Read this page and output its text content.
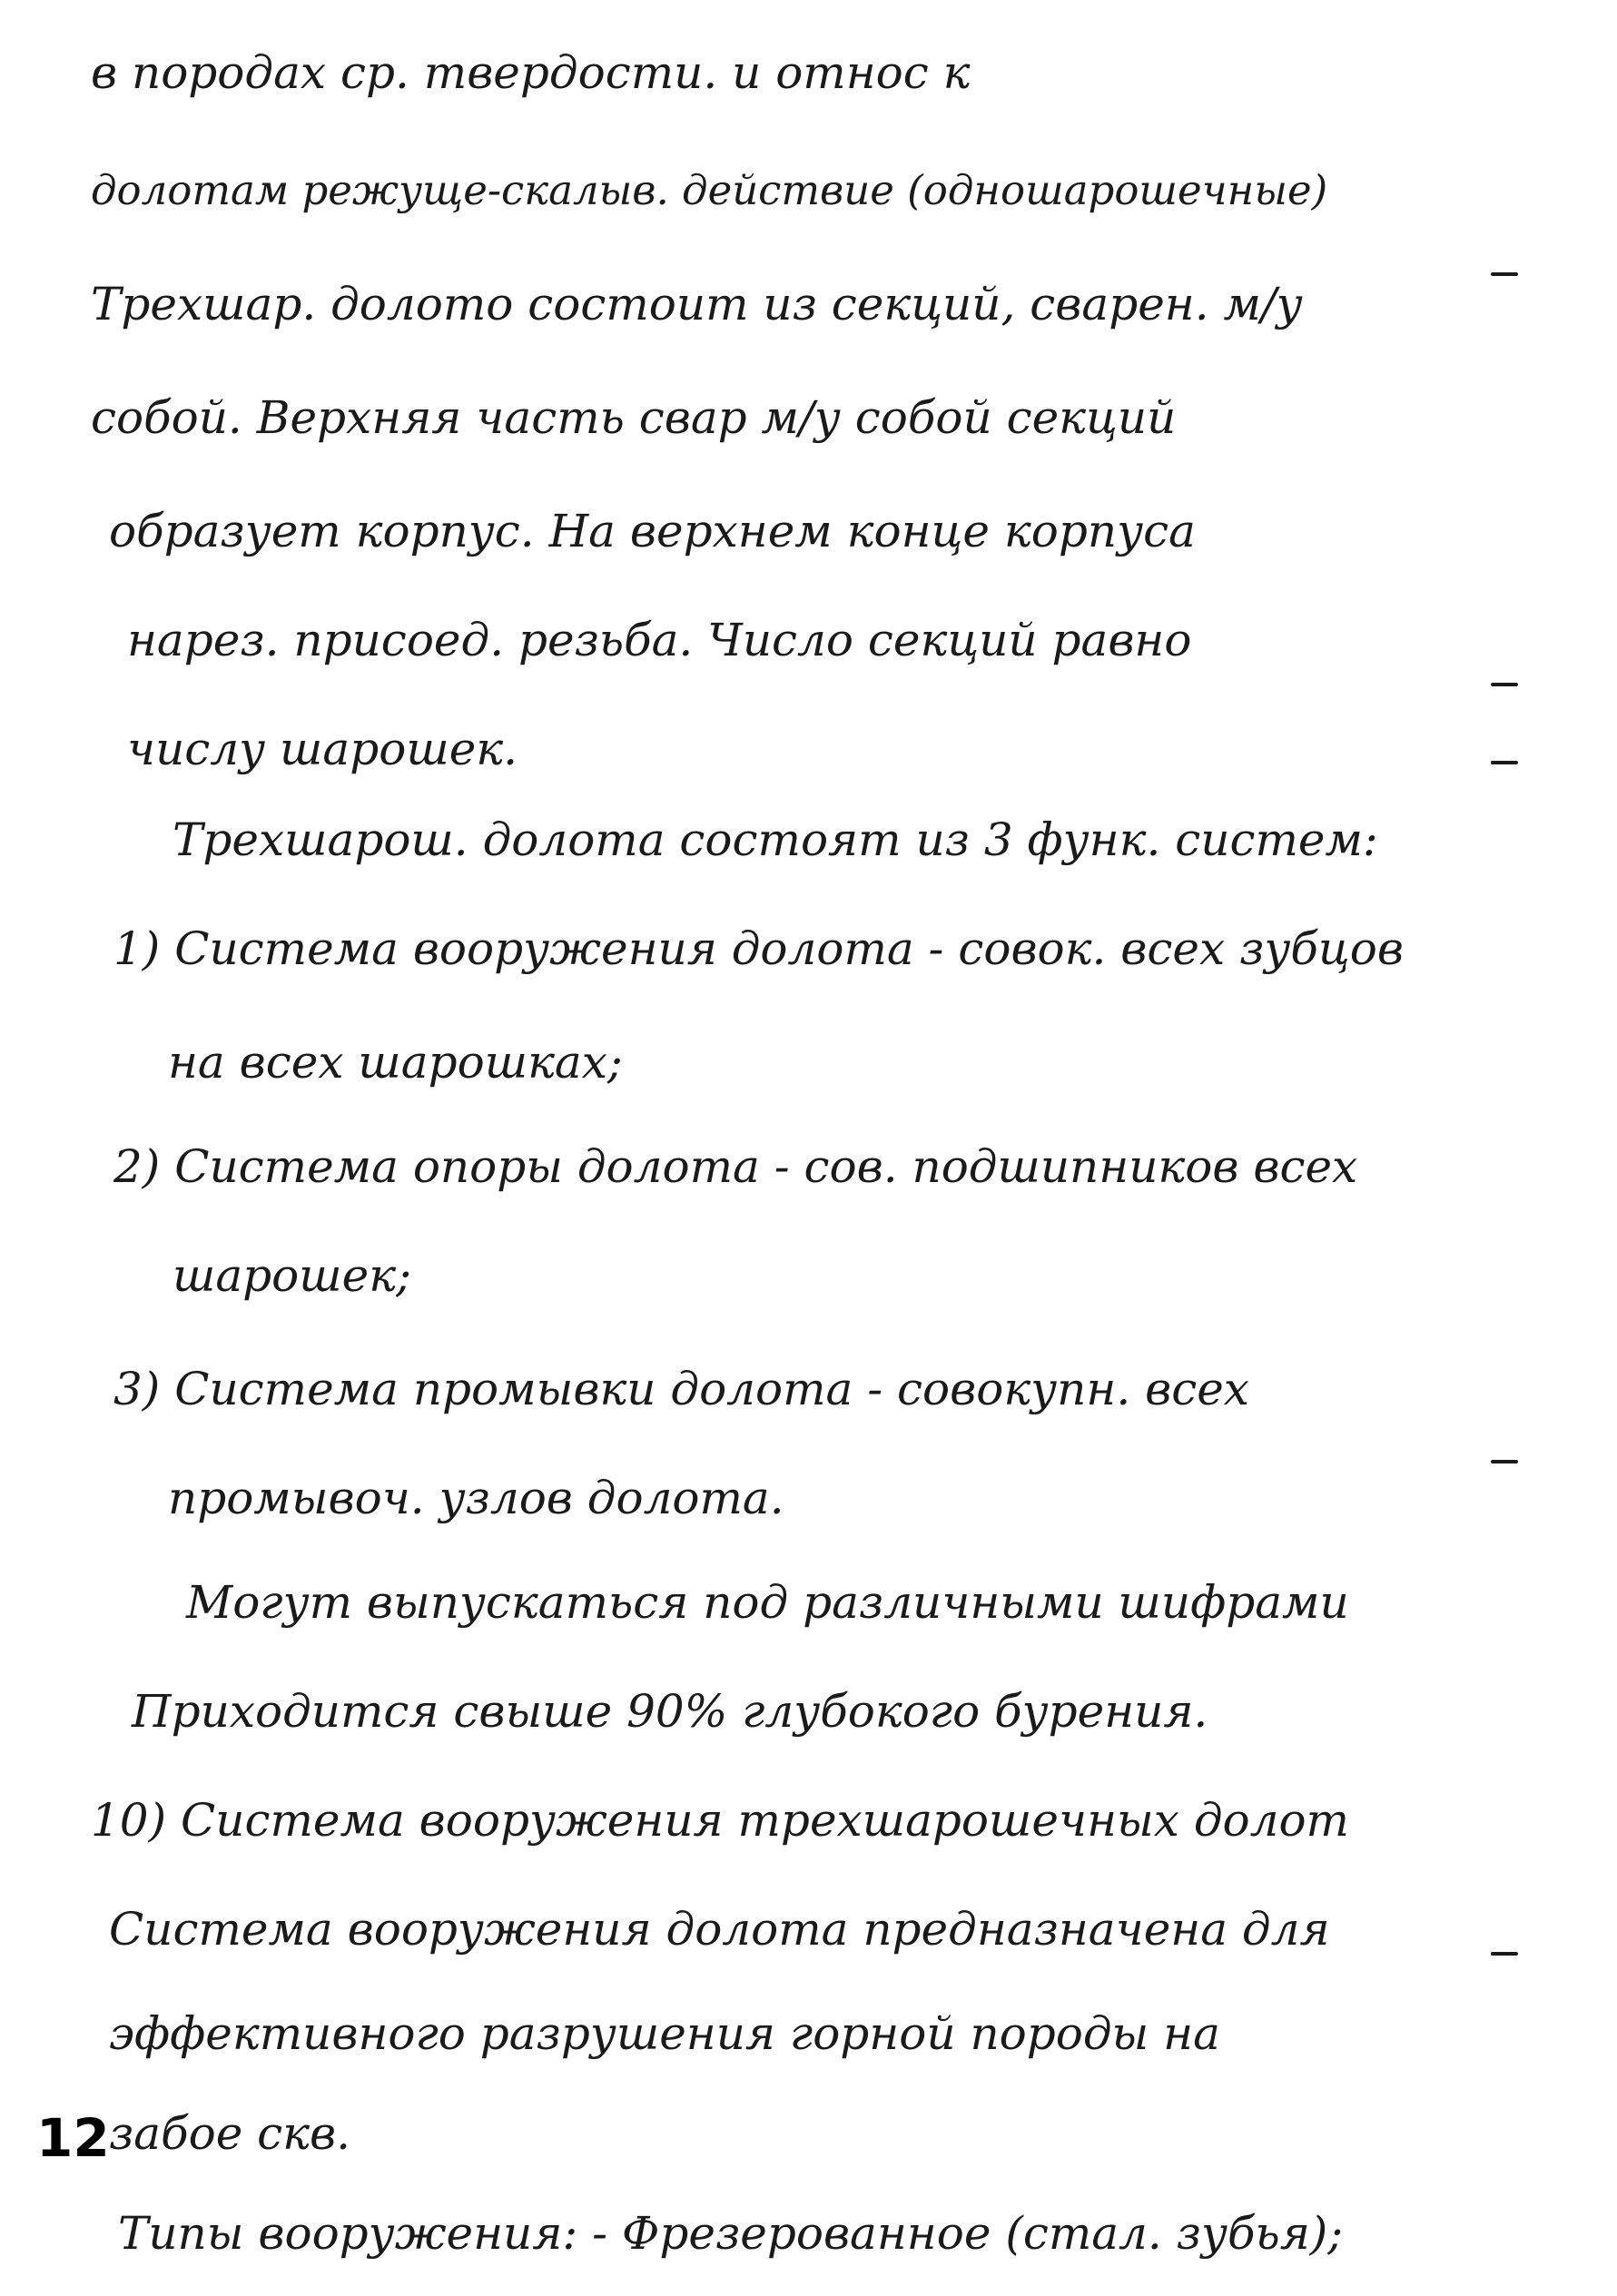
в породах ср. твердости. и относ к

долотам режуще-скалыв. действие (одношарошечные)

Трехшар. долото состоит из секций, сварен. м/у

собой. Верхняя часть свар м/у собой секций

образует корпус. На верхнем конце корпуса

нарез. присоед. резьба. Число секций равно

числу шарошек.

Трехшарош. долота состоят из 3 функ. систем:

1) Система вооружения долота - совок. всех зубцов

на всех шарошках;

2) Система опоры долота - сов. подшипников всех

шарошек;

3) Система промывки долота - совокупн. всех

промывоч. узлов долота.

Могут выпускаться под различными шифрами

Приходится свыше 90% глубокого бурения.

10) Система вооружения трехшарошечных долот

Система вооружения долота предназначена для

эффективного разрушения горной породы на

забое скв.

Типы вооружения: - Фрезерованное (стал. зубья);

12
